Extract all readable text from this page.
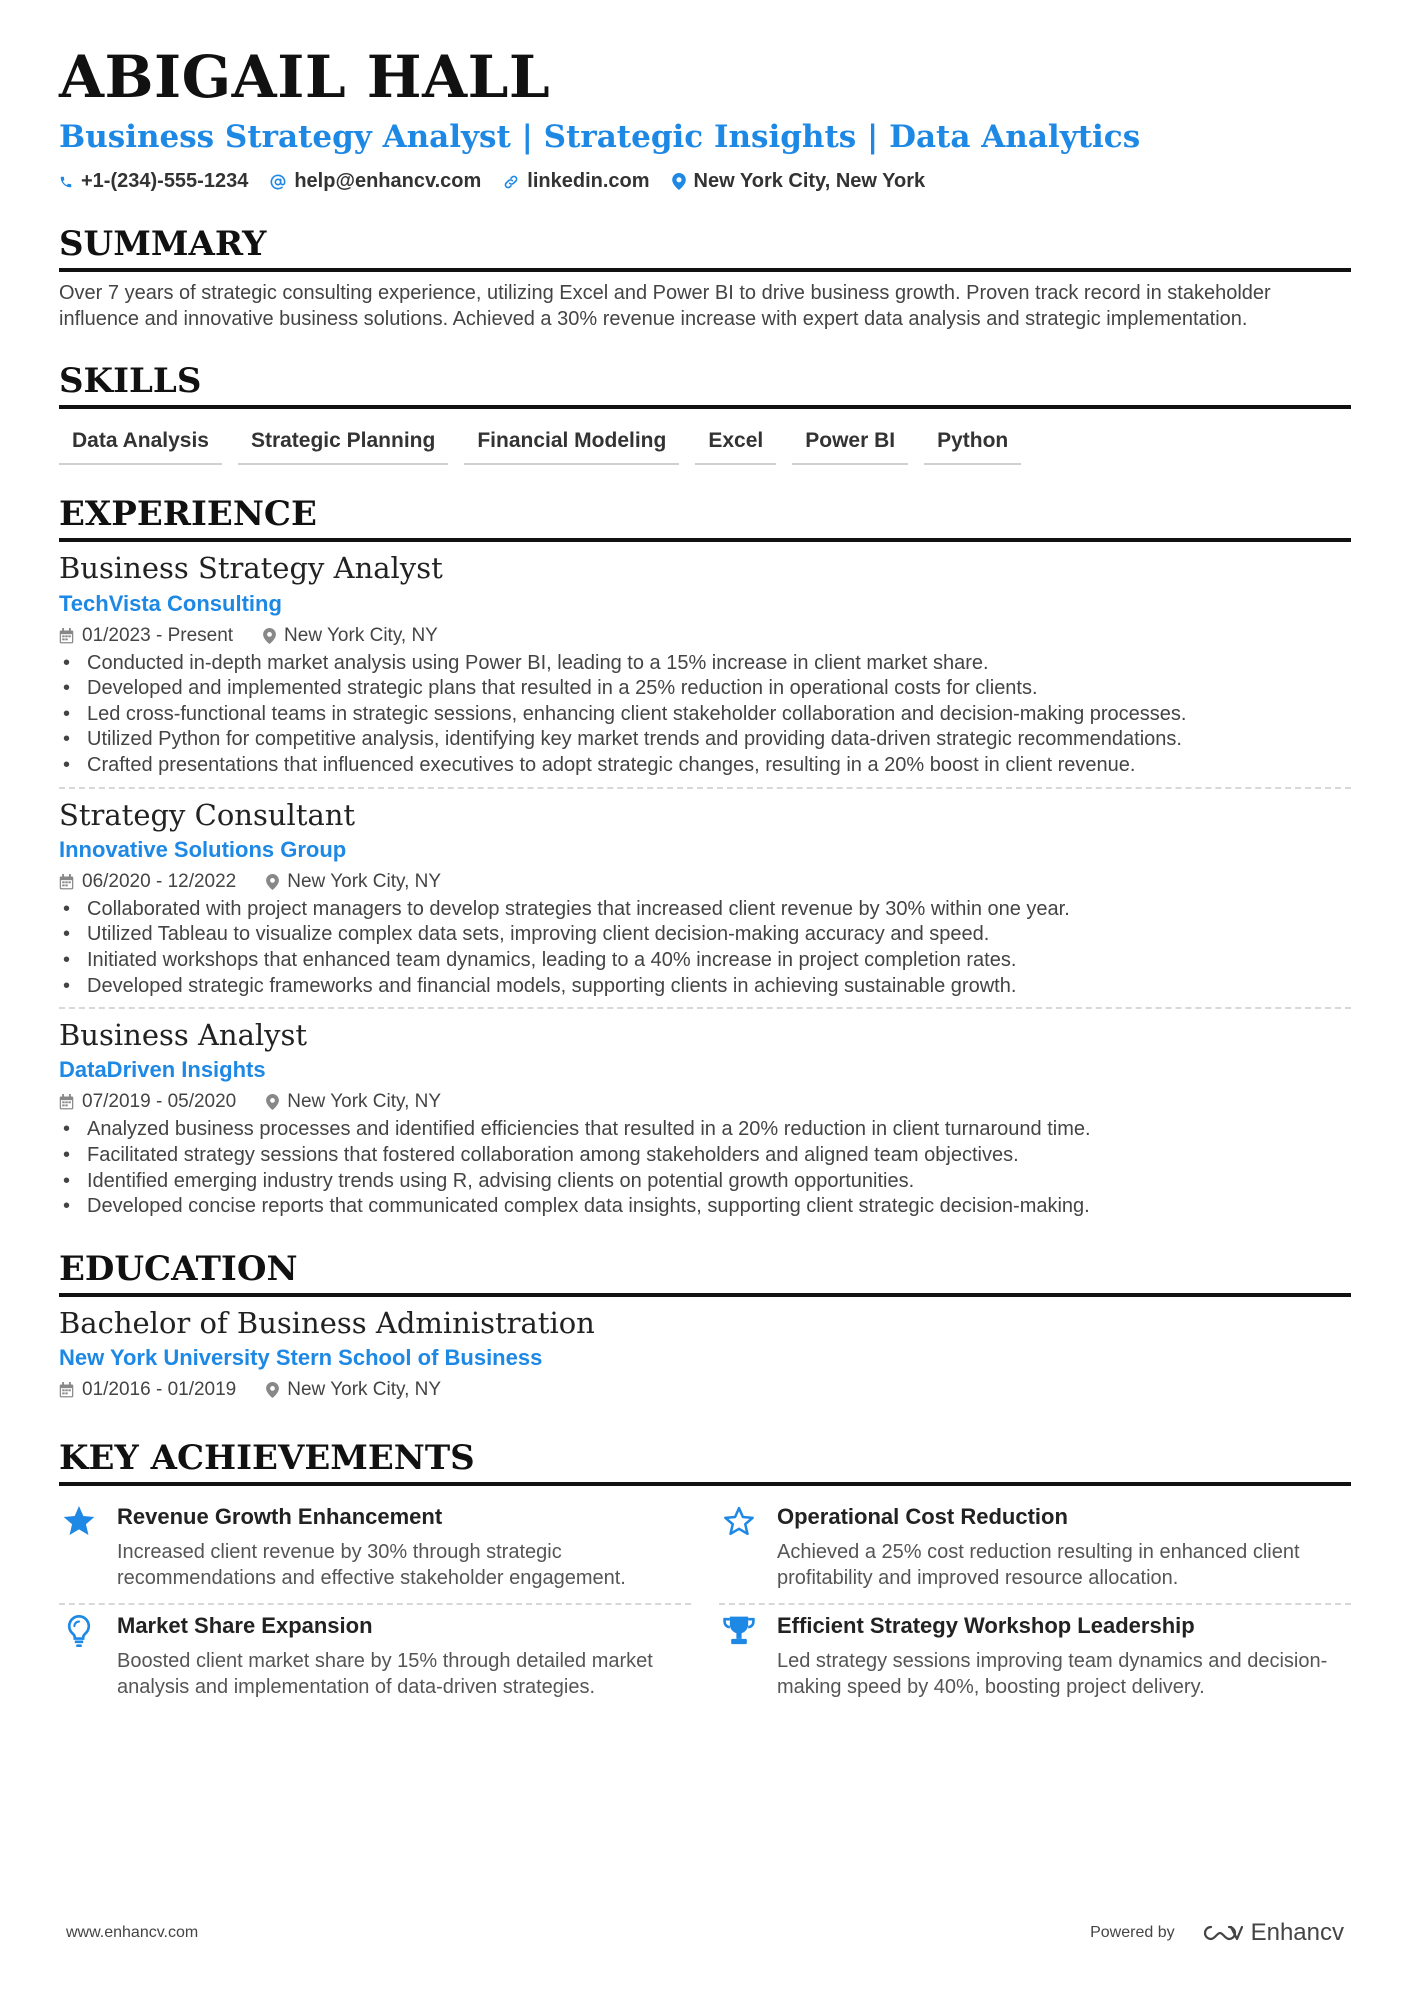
ABIGAIL HALL
Business Strategy Analyst | Strategic Insights | Data Analytics
+1-(234)-555-1234 help@enhancv.com linkedin.com New York City, New York
SUMMARY
Over 7 years of strategic consulting experience, utilizing Excel and Power BI to drive business growth. Proven track record in stakeholder influence and innovative business solutions. Achieved a 30% revenue increase with expert data analysis and strategic implementation.
SKILLS
Data Analysis	Strategic Planning	Financial Modeling	Excel	Power BI	Python
EXPERIENCE
Business Strategy Analyst
TechVista Consulting
01/2023 - Present	New York City, NY
• Conducted in-depth market analysis using Power BI, leading to a 15% increase in client market share.
• Developed and implemented strategic plans that resulted in a 25% reduction in operational costs for clients.
• Led cross-functional teams in strategic sessions, enhancing client stakeholder collaboration and decision-making processes.
• Utilized Python for competitive analysis, identifying key market trends and providing data-driven strategic recommendations.
• Crafted presentations that influenced executives to adopt strategic changes, resulting in a 20% boost in client revenue.
Strategy Consultant
Innovative Solutions Group
06/2020 - 12/2022	New York City, NY
• Collaborated with project managers to develop strategies that increased client revenue by 30% within one year.
• Utilized Tableau to visualize complex data sets, improving client decision-making accuracy and speed.
• Initiated workshops that enhanced team dynamics, leading to a 40% increase in project completion rates.
• Developed strategic frameworks and financial models, supporting clients in achieving sustainable growth.
Business Analyst
DataDriven Insights
07/2019 - 05/2020	New York City, NY
• Analyzed business processes and identified efficiencies that resulted in a 20% reduction in client turnaround time.
• Facilitated strategy sessions that fostered collaboration among stakeholders and aligned team objectives.
• Identified emerging industry trends using R, advising clients on potential growth opportunities.
• Developed concise reports that communicated complex data insights, supporting client strategic decision-making.
EDUCATION
Bachelor of Business Administration
New York University Stern School of Business
01/2016 - 01/2019	New York City, NY
KEY ACHIEVEMENTS
Revenue Growth Enhancement
Increased client revenue by 30% through strategic recommendations and effective stakeholder engagement.
Operational Cost Reduction
Achieved a 25% cost reduction resulting in enhanced client profitability and improved resource allocation.
Market Share Expansion
Boosted client market share by 15% through detailed market analysis and implementation of data-driven strategies.
Efficient Strategy Workshop Leadership
Led strategy sessions improving team dynamics and decision-making speed by 40%, boosting project delivery.
www.enhancv.com	Powered by	Enhancv
